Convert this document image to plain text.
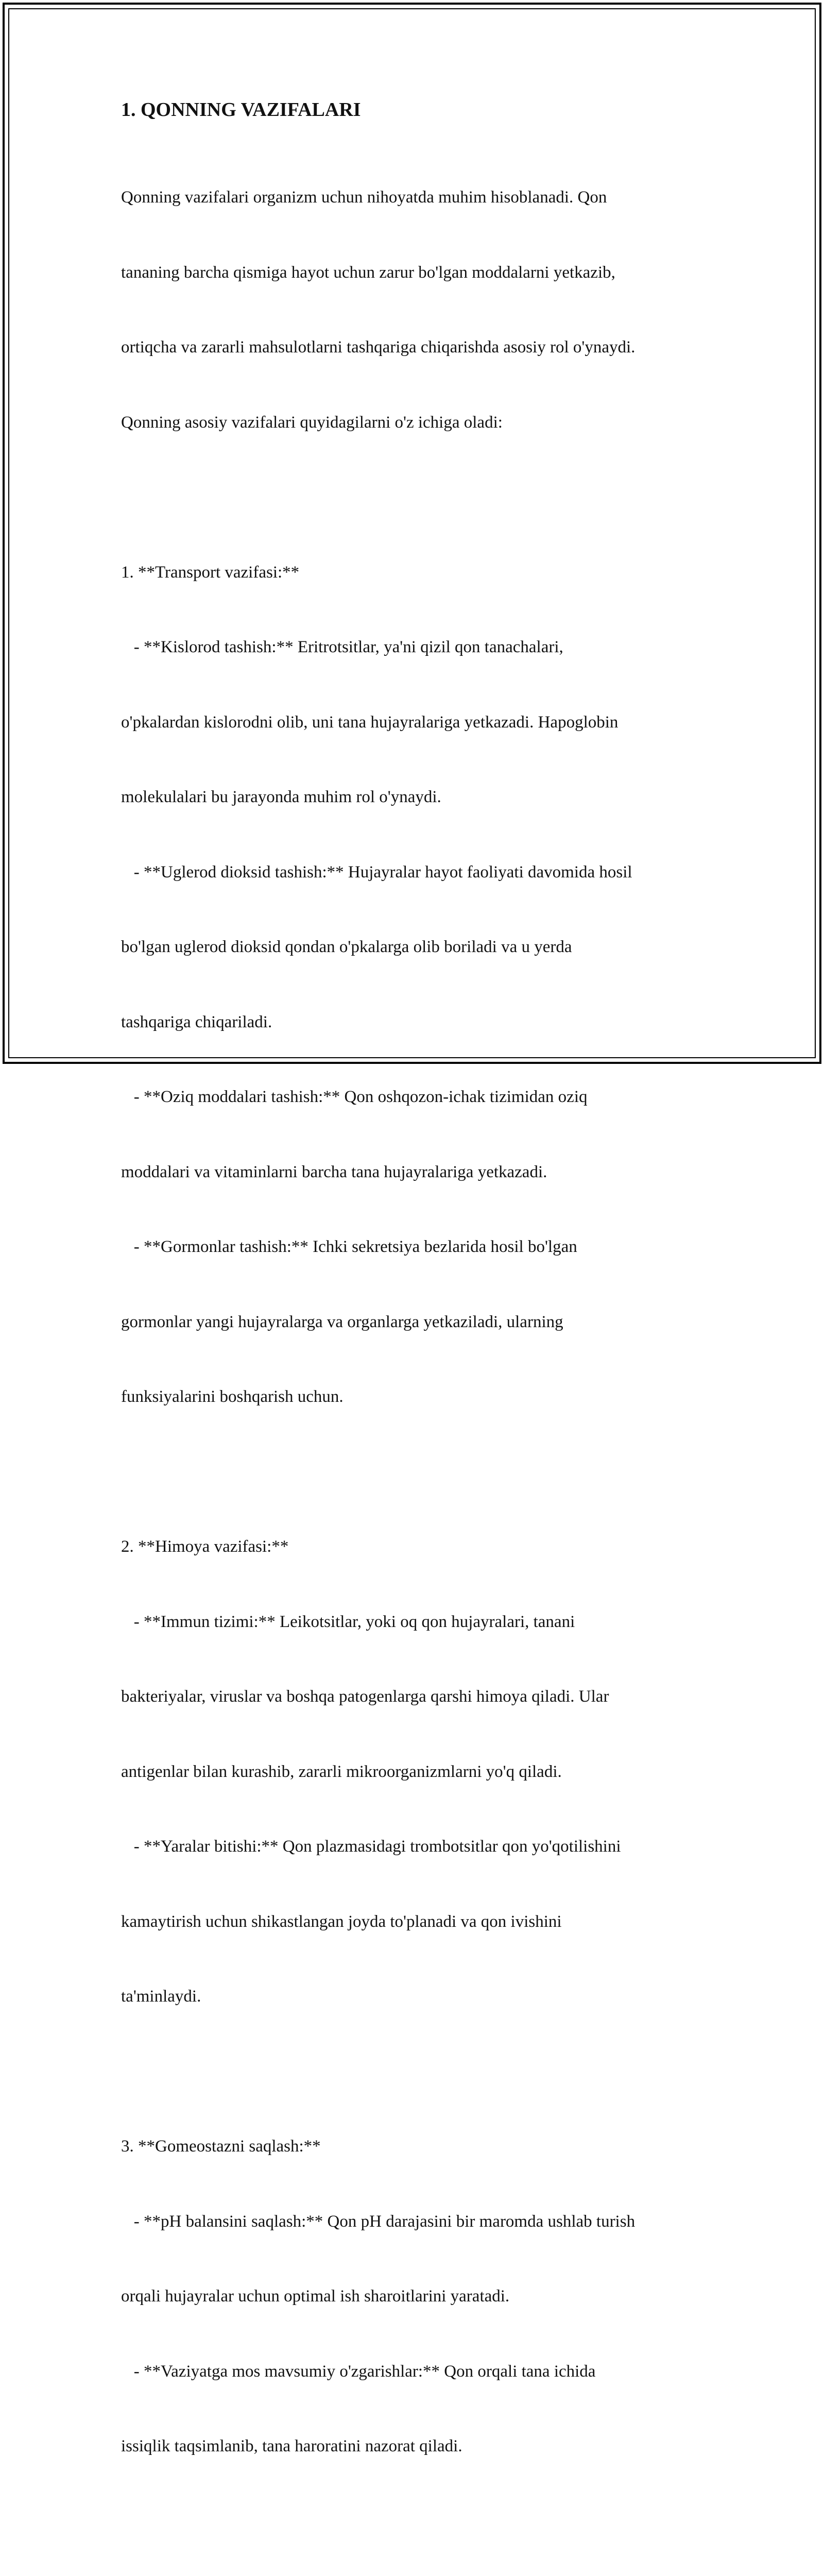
1. QONNING VAZIFALARI

Qonning vazifalari organizm uchun nihoyatda muhim hisoblanadi. Qon

tananing barcha qismiga hayot uchun zarur bo'lgan moddalarni yetkazib,

ortiqcha va zararli mahsulotlarni tashqariga chiqarishda asosiy rol o'ynaydi.

Qonning asosiy vazifalari quyidagilarni o'z ichiga oladi:

1. **Transport vazifasi:**

- **Kislorod tashish:** Eritrotsitlar, ya'ni qizil qon tanachalari,

o'pkalardan kislorodni olib, uni tana hujayralariga yetkazadi. Hapoglobin

molekulalari bu jarayonda muhim rol o'ynaydi.

- **Uglerod dioksid tashish:** Hujayralar hayot faoliyati davomida hosil

bo'lgan uglerod dioksid qondan o'pkalarga olib boriladi va u yerda

tashqariga chiqariladi.

- **Oziq moddalari tashish:** Qon oshqozon-ichak tizimidan oziq

moddalari va vitaminlarni barcha tana hujayralariga yetkazadi.

- **Gormonlar tashish:** Ichki sekretsiya bezlarida hosil bo'lgan

gormonlar yangi hujayralarga va organlarga yetkaziladi, ularning

funksiyalarini boshqarish uchun.

2. **Himoya vazifasi:**

- **Immun tizimi:** Leikotsitlar, yoki oq qon hujayralari, tanani

bakteriyalar, viruslar va boshqa patogenlarga qarshi himoya qiladi. Ular

antigenlar bilan kurashib, zararli mikroorganizmlarni yo'q qiladi.

- **Yaralar bitishi:** Qon plazmasidagi trombotsitlar qon yo'qotilishini

kamaytirish uchun shikastlangan joyda to'planadi va qon ivishini

ta'minlaydi.

3. **Gomeostazni saqlash:**

- **pH balansini saqlash:** Qon pH darajasini bir maromda ushlab turish

orqali hujayralar uchun optimal ish sharoitlarini yaratadi.

- **Vaziyatga mos mavsumiy o'zgarishlar:** Qon orqali tana ichida

issiqlik taqsimlanib, tana haroratini nazorat qiladi.
